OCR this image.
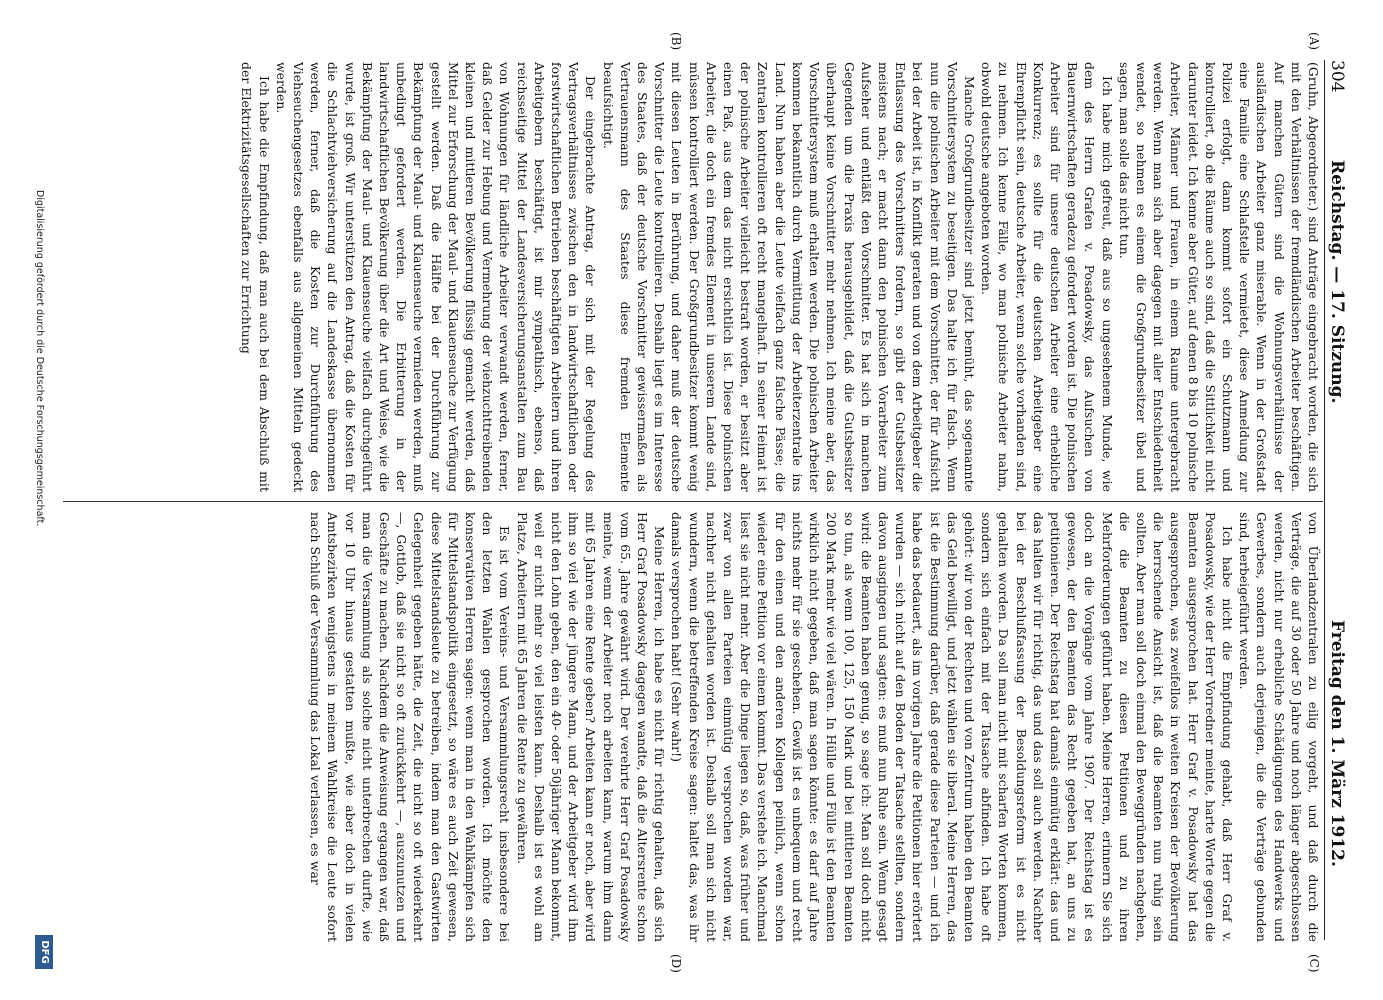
304
Reichstag. — 17. Sitzung.
Freitag den 1. März 1912.
(A)
(B)
(C)
(D)

(Gruhn, Abgeordneter.) sind Anträge eingebracht worden, die sich mit den Verhältnissen der fremdländischen Arbeiter beschäftigen. Auf manchen Gütern sind die Wohnungsverhältnisse der ausländischen Arbeiter ganz miserable. Wenn in der Großstadt eine Familie eine Schlafstelle vermietet, diese Anmeldung zur Polizei erfolgt, dann kommt sofort ein Schutzmann und kontrolliert, ob die Räume auch so sind, daß die Sittlichkeit nicht darunter leidet. Ich kenne aber Güter, auf denen 8 bis 10 polnische Arbeiter, Männer und Frauen, in einem Raume untergebracht werden. Wenn man sich aber dagegen mit aller Entschiedenheit wendet, so nehmen es einem die Großgrundbesitzer übel und sagen, man solle das nicht tun.

Ich habe mich gefreut, daß aus so ungesehenem Munde, wie dem des Herrn Grafen v. Posadowsky, das Aufsuchen von Bauernwirtschaften geradezu gefordert worden ist. Die polnischen Arbeiter sind für unsere deutschen Arbeiter eine erhebliche Konkurrenz; es sollte für die deutschen Arbeitgeber eine Ehrenpflicht sein, deutsche Arbeiter, wenn solche vorhanden sind, zu nehmen. Ich kenne Fälle, wo man polnische Arbeiter nahm, obwohl deutsche angeboten worden.

Manche Großgrundbesitzer sind jetzt bemüht, das sogenannte Vorschnittersystem zu beseitigen. Das halte ich für falsch. Wenn nun die polnischen Arbeiter mit dem Vorschnitter, der für Aufsicht bei der Arbeit ist, in Konflikt geraten und von dem Arbeitgeber die Entlassung des Vorschnitters fordern, so gibt der Gutsbesitzer meistens nach; er macht dann den polnischen Vorarbeiter zum Aufseher und entläßt den Vorschnitter. Es hat sich in manchen Gegenden um die Praxis herausgebildet, daß die Gutsbesitzer überhaupt keine Vorschnitter mehr nehmen. Ich meine aber, das Vorschnittersystem muß erhalten werden. Die polnischen Arbeiter kommen bekanntlich durch Vermittlung der Arbeiterzentrale ins Land. Nun haben aber die Leute vielfach ganz falsche Pässe; die Zentralen kontrollieren oft recht mangelhaft. In seiner Heimat ist der polnische Arbeiter vielleicht bestraft worden, er besitzt aber einen Paß, aus dem das nicht ersichtlich ist. Diese polnischen Arbeiter, die doch ein fremdes Element in unserem Lande sind, müssen kontrolliert werden. Der Großgrundbesitzer kommt wenig mit diesen Leuten in Berührung, und daher muß der deutsche Vorschnitter die Leute kontrollieren. Deshalb liegt es im Interesse des Staates, daß der deutsche Vorschnitter gewissermaßen als Vertrauensmann des Staates diese fremden Elemente beaufsichtigt.

Der eingebrachte Antrag, der sich mit der Regelung des Vertragsverhältnisses zwischen den in landwirtschaftlichen oder forstwirtschaftlichen Betrieben beschäftigten Arbeitern und ihren Arbeitgebern beschäftigt, ist mir sympathisch, ebenso, daß reichsseitige Mittel der Landesversicherungsanstalten zum Bau von Wohnungen für ländliche Arbeiter verwandt werden, ferner, daß Gelder zur Hebung und Vermehrung der viehzuchttreibenden kleinen und mittleren Bevölkerung flüssig gemacht werden, daß Mittel zur Erforschung der Maul- und Klauenseuche zur Verfügung gestellt werden. Daß die Hälfte bei der Durchführung zur Bekämpfung der Maul- und Klauenseuche vermieden werden, muß unbedingt gefordert werden. Die Erbitterung in der landwirtschaftlichen Bevölkerung über die Art und Weise, wie die Bekämpfung der Maul- und Klauenseuche vielfach durchgeführt wurde, ist groß. Wir unterstützen den Antrag, daß die Kosten für die Schlachtviehversicherung auf die Landeskasse übernommen werden, ferner, daß die Kosten zur Durchführung des Viehseuchengesetzes ebenfalls aus allgemeinen Mitteln gedeckt werden.

Ich habe die Empfindung, daß man auch bei dem Abschluß mit der Elektrizitätsgesellschaften zur Errichtung

von Überlandzentralen zu eilig vorgeht, und daß durch die Verträge, die auf 30 oder 50 Jahre und noch länger abgeschlossen werden, nicht nur erhebliche Schädigungen des Handwerks und Gewerbes, sondern auch derjenigen, die die Verträge gebunden sind, herbeigeführt werden.

Ich habe nicht die Empfindung gehabt, daß Herr Graf v. Posadowsky, wie der Herr Vorredner meinte, harte Worte gegen die Beamten ausgesprochen hat. Herr Graf v. Posadowsky hat das ausgesprochen, was zweifellos in weiten Kreisen der Bevölkerung die herrschende Ansicht ist, daß die Beamten nun ruhig sein sollten. Aber man soll doch einmal den Beweggründen nachgehen, die die Beamten zu diesen Petitionen und zu ihren Mehrforderungen geführt haben. Meine Herren, erinnern Sie sich doch an die Vorgänge vom Jahre 1907. Der Reichstag ist es gewesen, der den Beamten das Recht gegeben hat, an uns zu petitionieren. Der Reichstag hat damals einmütig erklärt: das und das halten wir für richtig, das und das soll auch werden. Nachher bei der Beschlußfassung der Besoldungsreform ist es nicht gehalten worden. Da soll man nicht mit scharfen Worten kommen, sondern sich einfach mit der Tatsache abfinden. Ich habe oft gehört: wir von der Rechten und von Zentrum haben den Beamten das Geld bewilligt, und jetzt wählen sie liberal. Meine Herren, das ist die Bestimmung darüber, daß gerade diese Parteien — und ich habe das bedauert, als im vorigen Jahre die Petitionen hier erörtert wurden — sich nicht auf den Boden der Tatsache stellten, sondern davon ausgingen und sagten: es muß nun Ruhe sein. Wenn gesagt wird: die Beamten haben genug, so sage ich: Man soll doch nicht so tun, als wenn 100, 125, 150 Mark und bei mittleren Beamten 200 Mark mehr wie viel wären. In Hülle und Fülle ist den Beamten wirklich nicht gegeben, daß man sagen könnte: es darf auf Jahre nichts mehr für sie geschehen. Gewiß ist es unbequem und recht für den einen und den anderen Kollegen peinlich, wenn schon wieder eine Petition vor einem kommt. Das verstehe ich. Manchmal liest sie nicht mehr. Aber die Dinge liegen so, daß, was früher und zwar von allen Parteien einmütig versprochen worden war, nachher nicht gehalten worden ist. Deshalb soll man sich nicht wundern, wenn die betreffenden Kreise sagen: haltet das, was ihr damals versprochen habt! (Sehr wahr!)

Meine Herren, ich habe es nicht für richtig gehalten, daß sich Herr Graf Posadowsky dagegen wandte, daß die Altersrente schon vom 65. Jahre gewährt wird. Der verehrte Herr Graf Posadowsky meinte, wenn der Arbeiter noch arbeiten kann, warum ihm dann mit 65 Jahren eine Rente geben? Arbeiten kann er noch, aber wird ihm so viel wie der jüngere Mann, und der Arbeitgeber wird ihm nicht den Lohn geben, den ein 40- oder 50jähriger Mann bekommt, weil er nicht mehr so viel leisten kann. Deshalb ist es wohl am Platze, Arbeitern mit 65 Jahren die Rente zu gewähren.

Es ist vom Vereins- und Versammlungsrecht insbesondere bei den letzten Wahlen gesprochen worden. Ich möchte den konservativen Herren sagen: wenn man in den Wahlkämpfen sich für Mittelstandspolitik eingesetzt, so wäre es auch Zeit gewesen, diese Mittelstandsleute zu betreiben, indem man den Gastwirten Gelegenheit gegeben hätte, die Zeit, die nicht so oft wiederkehrt —, Gottlob, daß sie nicht so oft zurückkehrt —, auszunutzen und Geschäfte zu machen. Nachdem die Anweisung ergangen war, daß man die Versammlung als solche nicht unterbrechen durfte, wie vor 10 Uhr hinaus gestatten mußte, wie aber doch in vielen Amtsbezirken wenigstens in meinem Wahlkreise die Leute sofort nach Schluß der Versammlung das Lokal verlassen, es war

Digitalisierung gefördert durch die Deutsche Forschungsgemeinschaft.
DFG
